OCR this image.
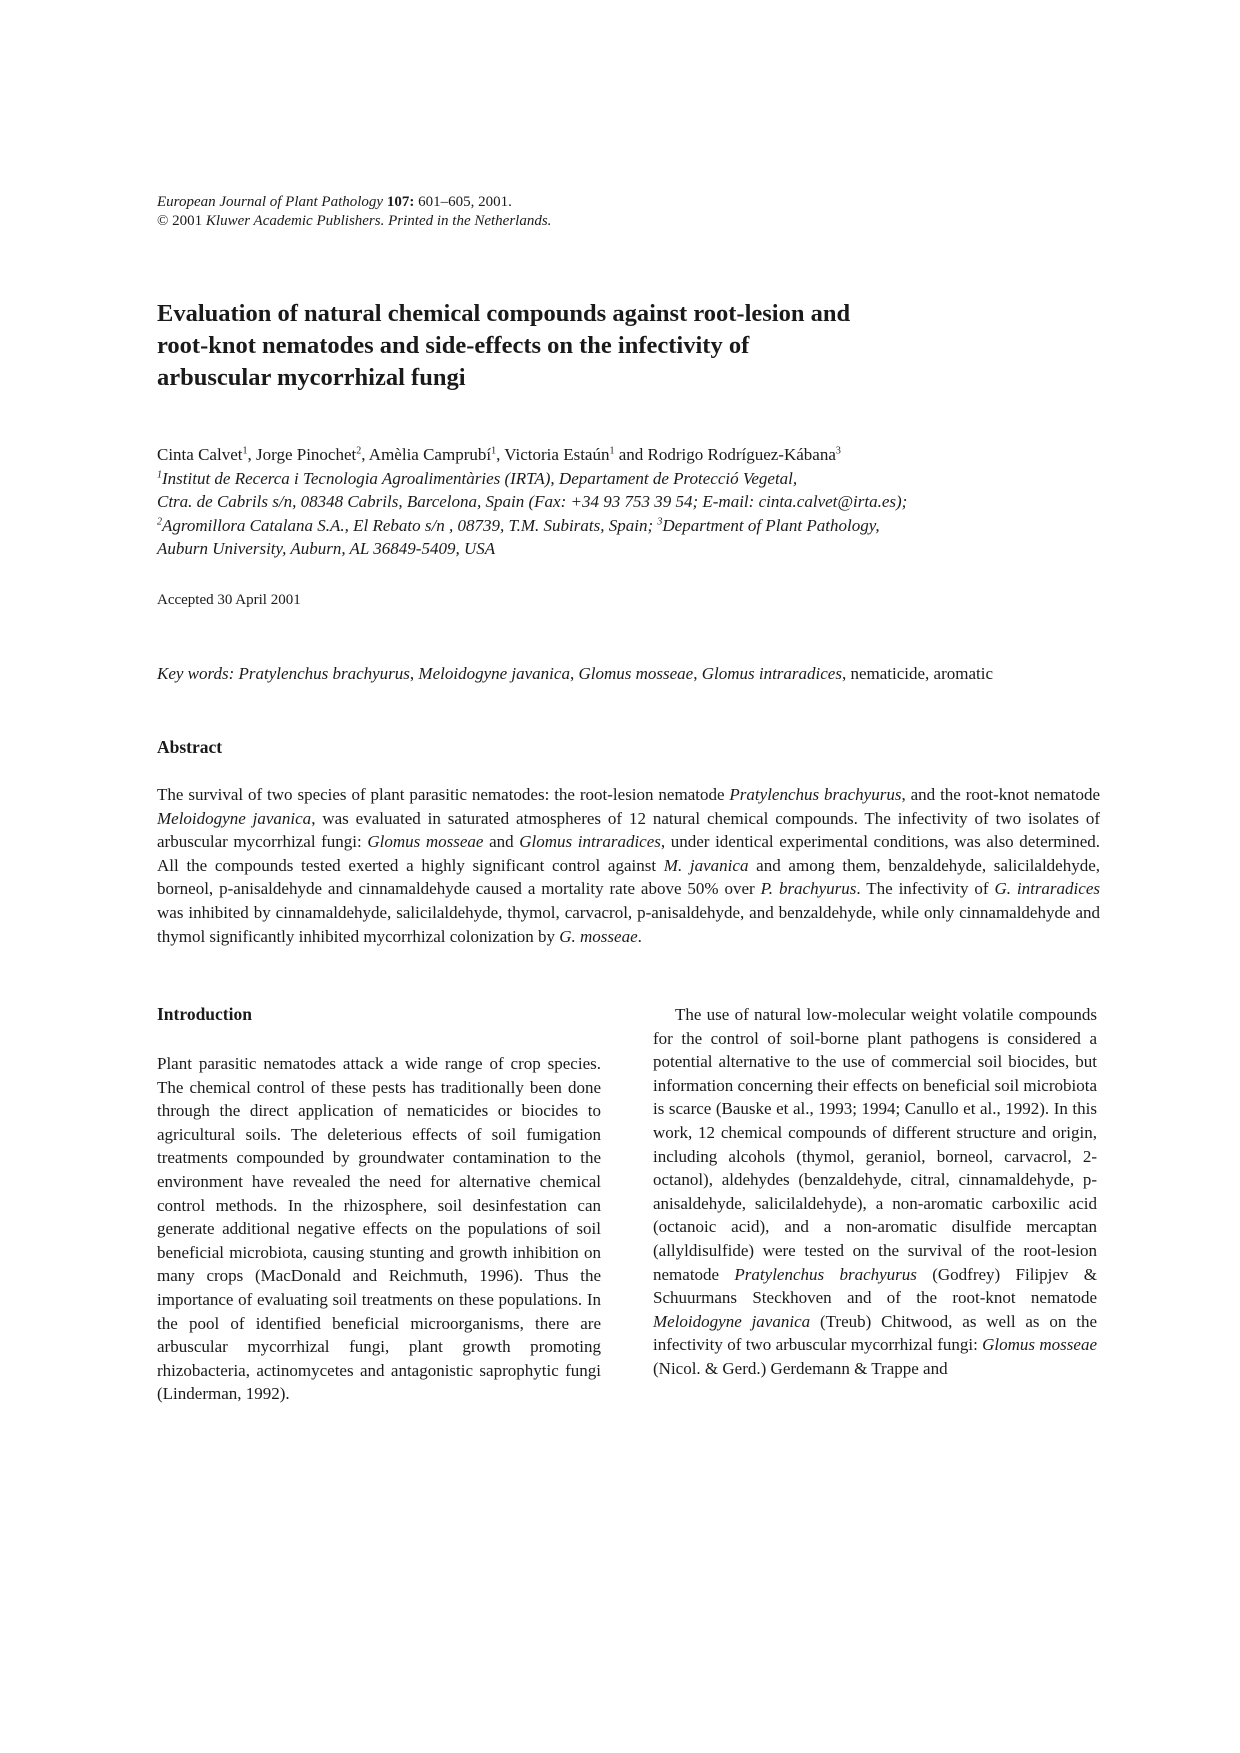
European Journal of Plant Pathology 107: 601–605, 2001.
© 2001 Kluwer Academic Publishers. Printed in the Netherlands.
Evaluation of natural chemical compounds against root-lesion and
root-knot nematodes and side-effects on the infectivity of
arbuscular mycorrhizal fungi
Cinta Calvet$^1$, Jorge Pinochet$^2$, Amèlia Camprubí$^1$, Victoria Estaún$^1$ and Rodrigo Rodríguez-Kábana$^3$
$^1$Institut de Recerca i Tecnologia Agroalimentàries (IRTA), Departament de Protecció Vegetal,
Ctra. de Cabrils s/n, 08348 Cabrils, Barcelona, Spain (Fax: +34 93 753 39 54; E-mail: cinta.calvet@irta.es);
$^2$Agromillora Catalana S.A., El Rebato s/n , 08739, T.M. Subirats, Spain; $^3$Department of Plant Pathology,
Auburn University, Auburn, AL 36849-5409, USA
Accepted 30 April 2001
Key words: Pratylenchus brachyurus, Meloidogyne javanica, Glomus mosseae, Glomus intraradices, nematicide, aromatic
Abstract
The survival of two species of plant parasitic nematodes: the root-lesion nematode Pratylenchus brachyurus, and the root-knot nematode Meloidogyne javanica, was evaluated in saturated atmospheres of 12 natural chemical compounds. The infectivity of two isolates of arbuscular mycorrhizal fungi: Glomus mosseae and Glomus intraradices, under identical experimental conditions, was also determined. All the compounds tested exerted a highly significant control against M. javanica and among them, benzaldehyde, salicilaldehyde, borneol, p-anisaldehyde and cinnamaldehyde caused a mortality rate above 50% over P. brachyurus. The infectivity of G. intraradices was inhibited by cinnamaldehyde, salicilaldehyde, thymol, carvacrol, p-anisaldehyde, and benzaldehyde, while only cinnamaldehyde and thymol significantly inhibited mycorrhizal colonization by G. mosseae.
Introduction

Plant parasitic nematodes attack a wide range of crop species. The chemical control of these pests has traditionally been done through the direct application of nematicides or biocides to agricultural soils. The deleterious effects of soil fumigation treatments compounded by groundwater contamination to the environment have revealed the need for alternative chemical control methods. In the rhizosphere, soil desinfestation can generate additional negative effects on the populations of soil beneficial microbiota, causing stunting and growth inhibition on many crops (MacDonald and Reichmuth, 1996). Thus the importance of evaluating soil treatments on these populations. In the pool of identified beneficial microorganisms, there are arbuscular mycorrhizal fungi, plant growth promoting rhizobacteria, actinomycetes and antagonistic saprophytic fungi (Linderman, 1992).

The use of natural low-molecular weight volatile compounds for the control of soil-borne plant pathogens is considered a potential alternative to the use of commercial soil biocides, but information concerning their effects on beneficial soil microbiota is scarce (Bauske et al., 1993; 1994; Canullo et al., 1992). In this work, 12 chemical compounds of different structure and origin, including alcohols (thymol, geraniol, borneol, carvacrol, 2-octanol), aldehydes (benzaldehyde, citral, cinnamaldehyde, p-anisaldehyde, salicilaldehyde), a non-aromatic carboxilic acid (octanoic acid), and a non-aromatic disulfide mercaptan (allyldisulfide) were tested on the survival of the root-lesion nematode Pratylenchus brachyurus (Godfrey) Filipjev & Schuurmans Steckhoven and of the root-knot nematode Meloidogyne javanica (Treub) Chitwood, as well as on the infectivity of two arbuscular mycorrhizal fungi: Glomus mosseae (Nicol. & Gerd.) Gerdemann & Trappe and
